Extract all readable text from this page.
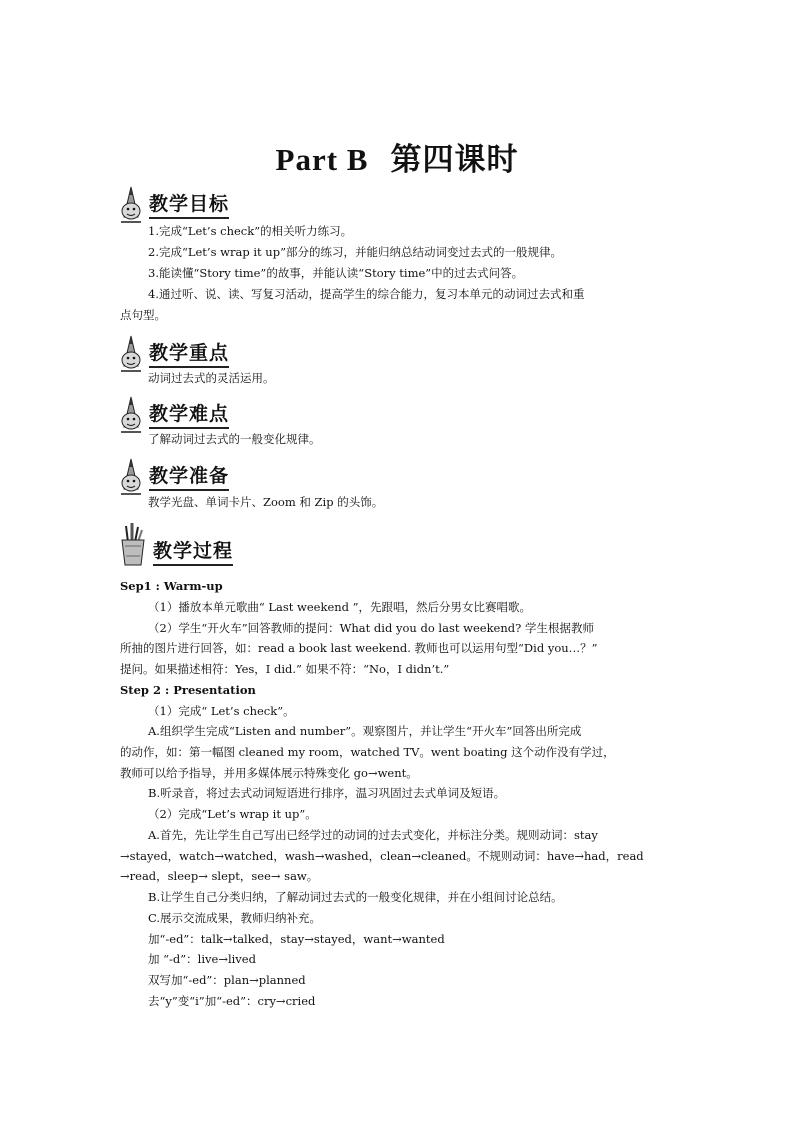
Part B 第四课时
教学目标
1.完成“Let’s check”的相关听力练习。
2.完成“Let’s wrap it up”部分的练习，并能归纳总结动词变过去式的一般规律。
3.能读懂“Story time”的故事，并能认读“Story time”中的过去式问答。
4.通过听、说、读、写复习活动，提高学生的综合能力，复习本单元的动词过去式和重
点句型。
教学重点
动词过去式的灵活运用。
教学难点
了解动词过去式的一般变化规律。
教学准备
教学光盘、单词卡片、Zoom 和 Zip 的头饰。
教学过程
Sep1 : Warm-up
（1）播放本单元歌曲“ Last weekend ”，先跟唱，然后分男女比赛唱歌。
（2）学生“开火车”回答教师的提问：What did you do last weekend? 学生根据教师
所抽的图片进行回答，如：read a book last weekend. 教师也可以运用句型“Did you…？”
提问。如果描述相符：Yes，I did.” 如果不符：“No，I didn’t.”
Step 2 : Presentation
（1）完成“ Let’s check”。
A.组织学生完成“Listen and number”。观察图片，并让学生“开火车”回答出所完成
的动作，如：第一幅图 cleaned my room，watched TV。went boating 这个动作没有学过，
教师可以给予指导，并用多媒体展示特殊变化 go→went。
B.听录音，将过去式动词短语进行排序，温习巩固过去式单词及短语。
（2）完成“Let’s wrap it up”。
A.首先，先让学生自己写出已经学过的动词的过去式变化，并标注分类。规则动词：stay
→stayed，watch→watched，wash→washed，clean→cleaned。不规则动词：have→had，read
→read，sleep→ slept，see→ saw。
B.让学生自己分类归纳，了解动词过去式的一般变化规律，并在小组间讨论总结。
C.展示交流成果，教师归纳补充。
加“-ed”：talk→talked，stay→stayed，want→wanted
加 “-d”：live→lived
双写加“-ed”：plan→planned
去“y”变“i”加“-ed”：cry→cried
